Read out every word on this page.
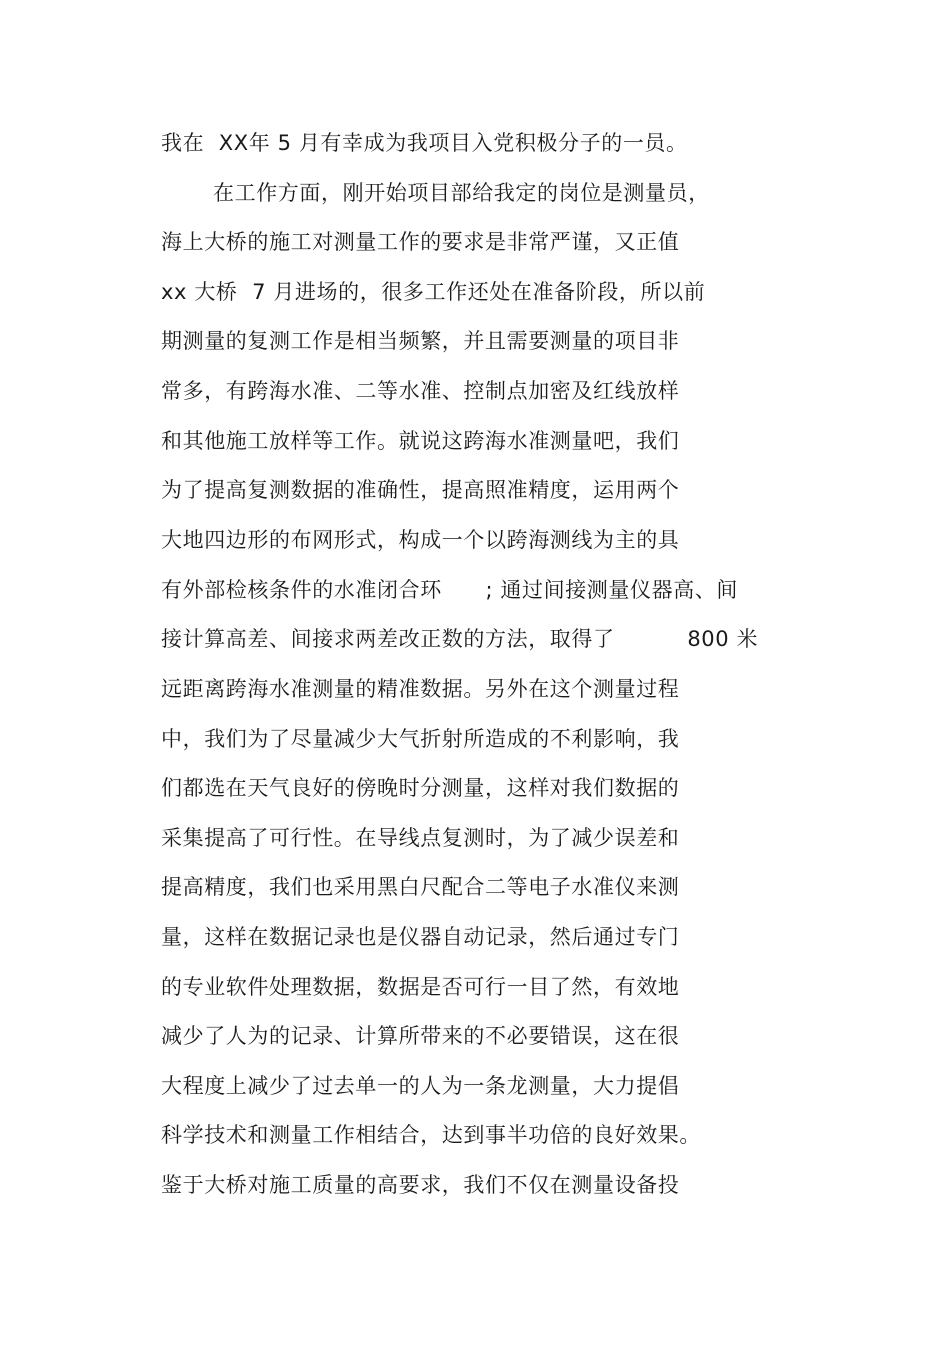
我在  XX年 5 月有幸成为我项目入党积极分子的一员。
在工作方面，刚开始项目部给我定的岗位是测量员，
海上大桥的施工对测量工作的要求是非常严谨，又正值
xx 大桥  7 月进场的，很多工作还处在准备阶段，所以前
期测量的复测工作是相当频繁，并且需要测量的项目非
常多，有跨海水准、二等水准、控制点加密及红线放样
和其他施工放样等工作。就说这跨海水准测量吧，我们
为了提高复测数据的准确性，提高照准精度，运用两个
大地四边形的布网形式，构成一个以跨海测线为主的具
有外部检核条件的水准闭合环      ; 通过间接测量仪器高、间
接计算高差、间接求两差改正数的方法，取得了          800 米
远距离跨海水准测量的精准数据。另外在这个测量过程
中，我们为了尽量减少大气折射所造成的不利影响，我
们都选在天气良好的傍晚时分测量，这样对我们数据的
采集提高了可行性。在导线点复测时，为了减少误差和
提高精度，我们也采用黑白尺配合二等电子水准仪来测
量，这样在数据记录也是仪器自动记录，然后通过专门
的专业软件处理数据，数据是否可行一目了然，有效地
减少了人为的记录、计算所带来的不必要错误，这在很
大程度上减少了过去单一的人为一条龙测量，大力提倡
科学技术和测量工作相结合，达到事半功倍的良好效果。
鉴于大桥对施工质量的高要求，我们不仅在测量设备投
